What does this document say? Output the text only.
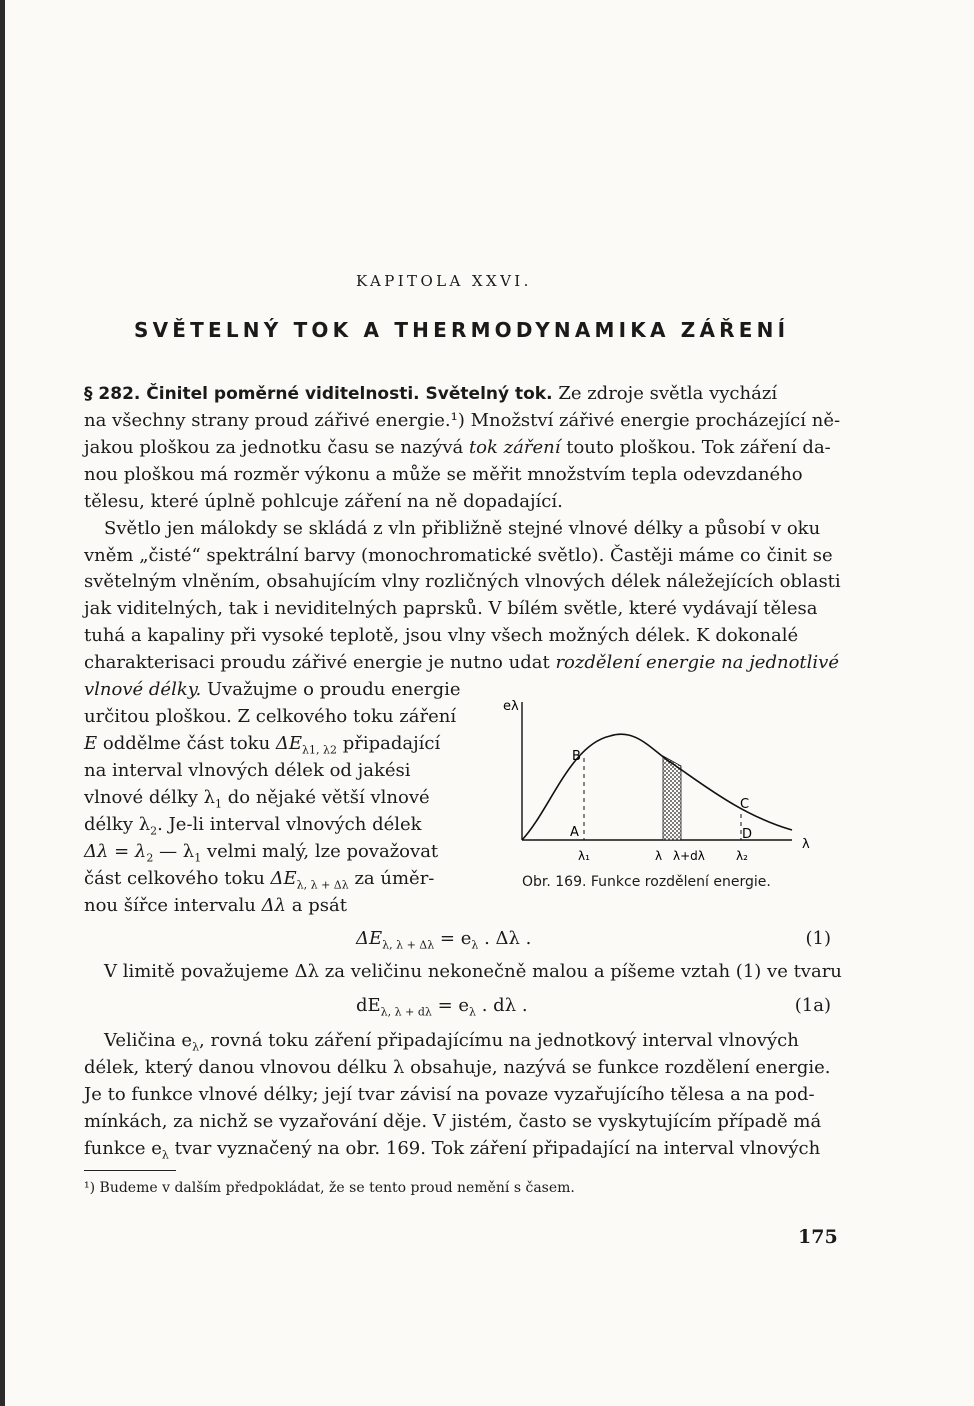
KAPITOLA XXVI.
SVĚTELNÝ TOK A THERMODYNAMIKA ZÁŘENÍ
§ 282. Činitel poměrné viditelnosti. Světelný tok. Ze zdroje světla vychází
na všechny strany proud zářivé energie.¹) Množství zářivé energie procházející ně-
jakou ploškou za jednotku času se nazývá tok záření touto ploškou. Tok záření da-
nou ploškou má rozměr výkonu a může se měřit množstvím tepla odevzdaného
tělesu, které úplně pohlcuje záření na ně dopadající.
Světlo jen málokdy se skládá z vln přibližně stejné vlnové délky a působí v oku
vněm „čisté“ spektrální barvy (monochromatické světlo). Častěji máme co činit se
světelným vlněním, obsahujícím vlny rozličných vlnových délek náležejících oblasti
jak viditelných, tak i neviditelných paprsků. V bílém světle, které vydávají tělesa
tuhá a kapaliny při vysoké teplotě, jsou vlny všech možných délek. K dokonalé
charakterisaci proudu zářivé energie je nutno udat rozdělení energie na jednotlivé
vlnové délky. Uvažujme o proudu energie
určitou ploškou. Z celkového toku záření
E oddělme část toku $\Delta E_{\lambda 1, \lambda 2}$ připadající
na interval vlnových délek od jakési
vlnové délky $\lambda_1$ do nějaké větší vlnové
délky $\lambda_2$. Je-li interval vlnových délek
$\Delta\lambda = \lambda_2$ — $\lambda_1$ velmi malý, lze považovat
část celkového toku $\Delta E_{\lambda, \lambda + \Delta\lambda}$ za úměr-
nou šířce intervalu Δλ a psát
eλ
λ
A
B
C
D
λ₁	λ λ+dλ	λ₂
Obr. 169. Funkce rozdělení energie.
$\Delta E_{\lambda, \lambda + \Delta\lambda} = e_\lambda$ . Δλ .	(1)
V limitě považujeme Δλ za veličinu nekonečně malou a píšeme vztah (1) ve tvaru
$dE_{\lambda, \lambda + d\lambda} = e_\lambda$ . dλ .	(1a)
Veličina $e_\lambda$, rovná toku záření připadajícímu na jednotkový interval vlnových
délek, který danou vlnovou délku λ obsahuje, nazývá se funkce rozdělení energie.
Je to funkce vlnové délky; její tvar závisí na povaze vyzařujícího tělesa a na pod-
mínkách, za nichž se vyzařování děje. V jistém, často se vyskytujícím případě má
funkce $e_\lambda$ tvar vyznačený na obr. 169. Tok záření připadající na interval vlnových
¹) Budeme v dalším předpokládat, že se tento proud nemění s časem.
175
